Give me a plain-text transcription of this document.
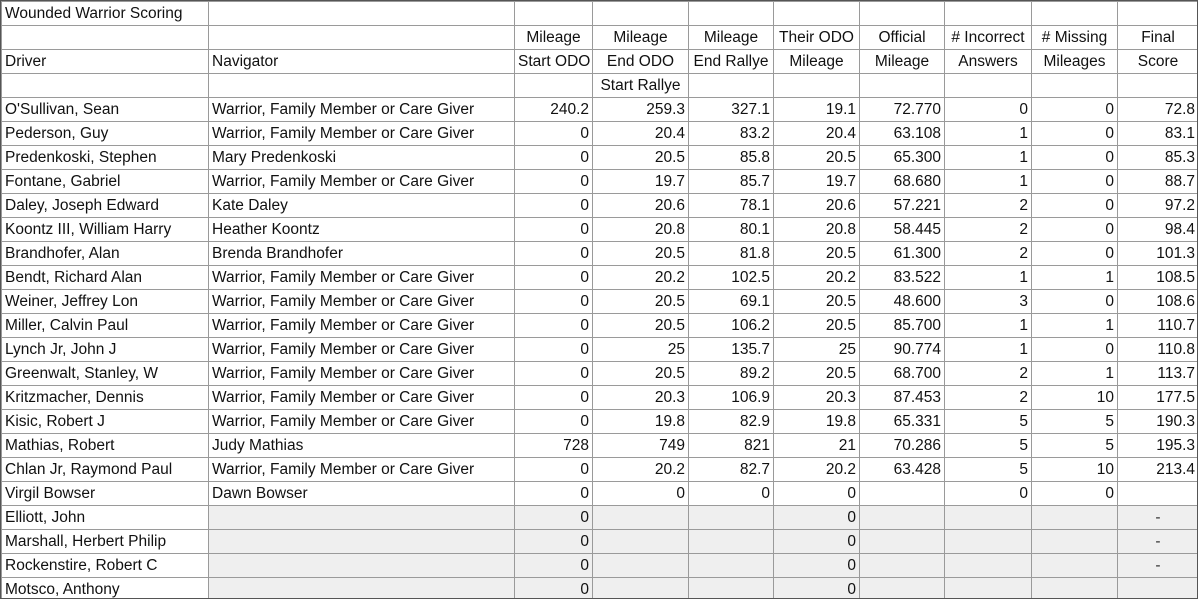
Wounded Warrior Scoring									
		Mileage	Mileage	Mileage	Their ODO	Official	# Incorrect	# Missing	Final
Driver	Navigator	Start ODO	End ODO	End Rallye	Mileage	Mileage	Answers	Mileages	Score
			Start Rallye						
O'Sullivan, Sean	Warrior, Family Member or Care Giver	240.2	259.3	327.1	19.1	72.770	0	0	72.8
Pederson, Guy	Warrior, Family Member or Care Giver	0	20.4	83.2	20.4	63.108	1	0	83.1
Predenkoski, Stephen	Mary Predenkoski	0	20.5	85.8	20.5	65.300	1	0	85.3
Fontane, Gabriel	Warrior, Family Member or Care Giver	0	19.7	85.7	19.7	68.680	1	0	88.7
Daley, Joseph Edward	Kate Daley	0	20.6	78.1	20.6	57.221	2	0	97.2
Koontz III, William Harry	Heather Koontz	0	20.8	80.1	20.8	58.445	2	0	98.4
Brandhofer, Alan	Brenda Brandhofer	0	20.5	81.8	20.5	61.300	2	0	101.3
Bendt, Richard Alan	Warrior, Family Member or Care Giver	0	20.2	102.5	20.2	83.522	1	1	108.5
Weiner, Jeffrey Lon	Warrior, Family Member or Care Giver	0	20.5	69.1	20.5	48.600	3	0	108.6
Miller, Calvin Paul	Warrior, Family Member or Care Giver	0	20.5	106.2	20.5	85.700	1	1	110.7
Lynch Jr, John J	Warrior, Family Member or Care Giver	0	25	135.7	25	90.774	1	0	110.8
Greenwalt, Stanley, W	Warrior, Family Member or Care Giver	0	20.5	89.2	20.5	68.700	2	1	113.7
Kritzmacher, Dennis	Warrior, Family Member or Care Giver	0	20.3	106.9	20.3	87.453	2	10	177.5
Kisic, Robert J	Warrior, Family Member or Care Giver	0	19.8	82.9	19.8	65.331	5	5	190.3
Mathias, Robert	Judy Mathias	728	749	821	21	70.286	5	5	195.3
Chlan Jr, Raymond Paul	Warrior, Family Member or Care Giver	0	20.2	82.7	20.2	63.428	5	10	213.4
Virgil Bowser	Dawn Bowser	0	0	0	0		0	0	
Elliott, John		0			0				-
Marshall, Herbert Philip		0			0				-
Rockenstire, Robert C		0			0				-
Motsco, Anthony		0			0				
